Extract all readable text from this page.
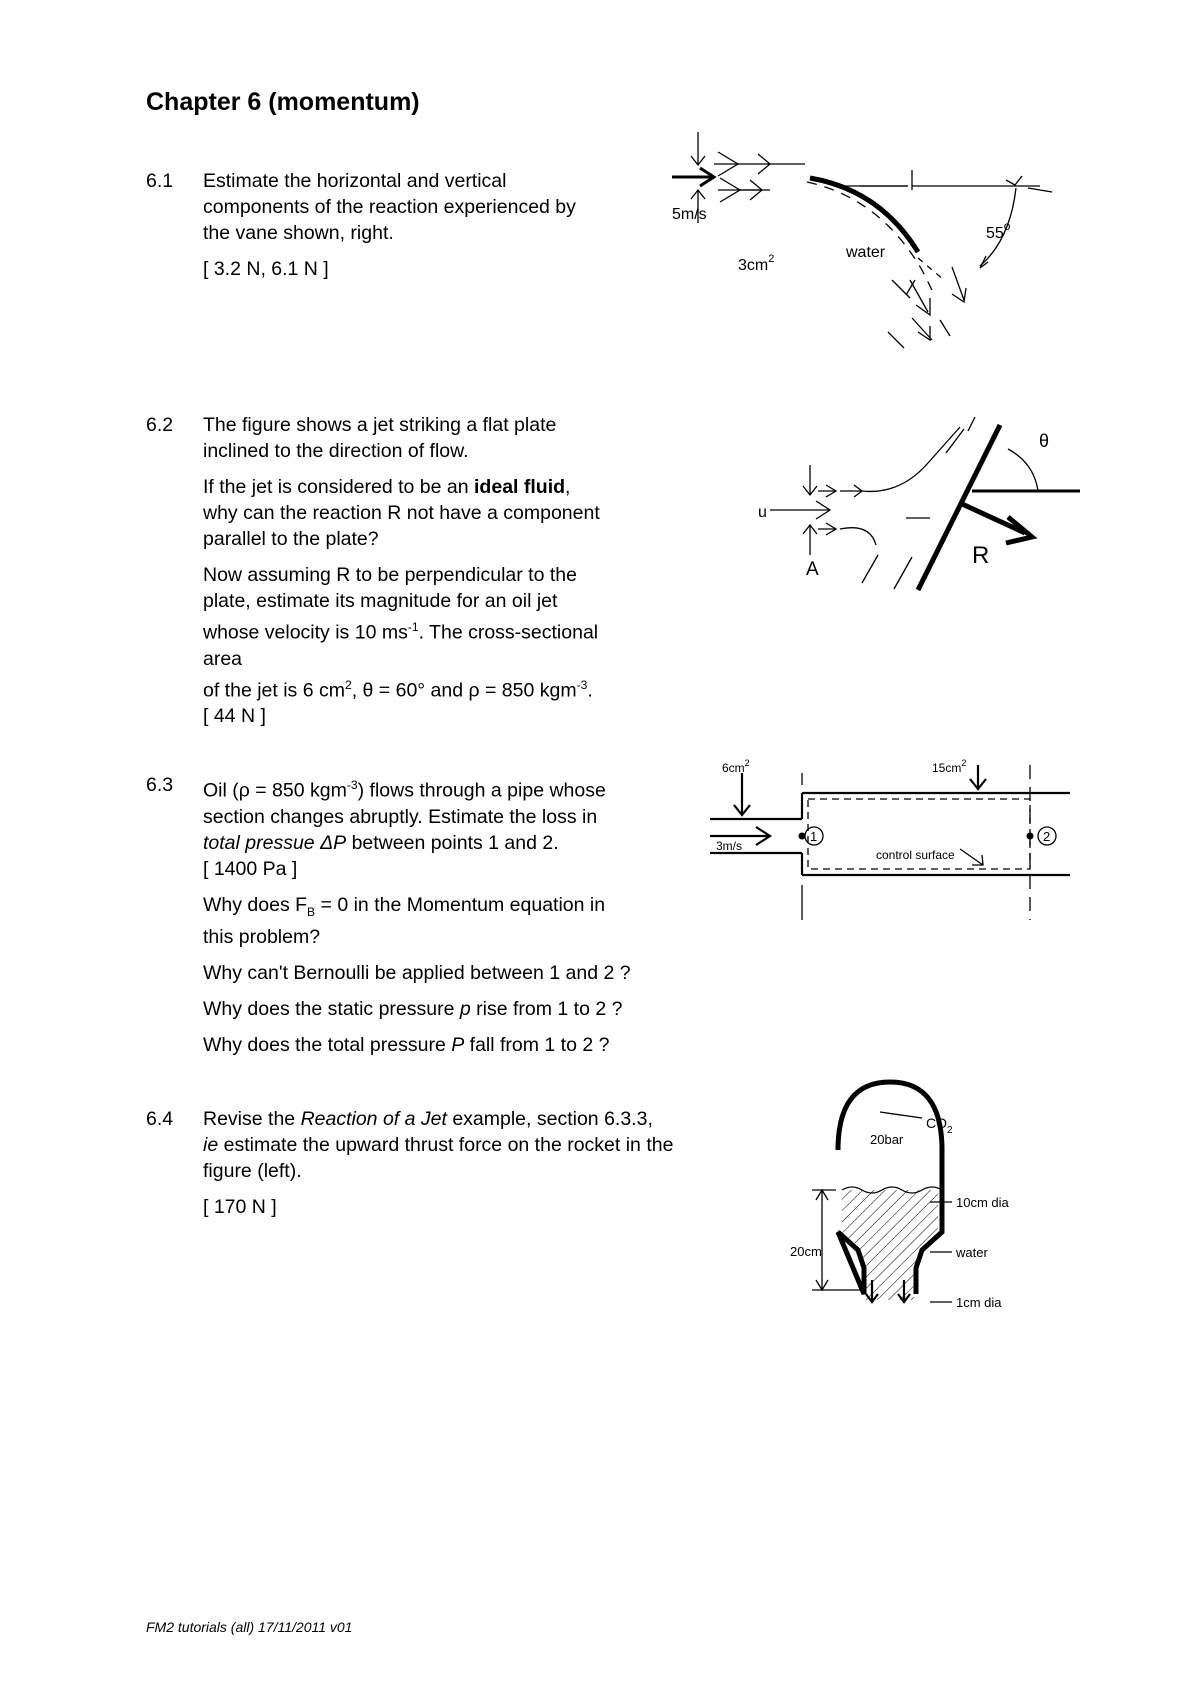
Chapter 6 (momentum)
6.1 Estimate the horizontal and vertical
components of the reaction experienced by
the vane shown, right.
[ 3.2 N, 6.1 N ]
5m/s
$3cm^2$	water
55$^o$
6.2 The figure shows a jet striking a flat plate
inclined to the direction of flow.
If the jet is considered to be an ideal fluid,
why can the reaction R not have a component
parallel to the plate?
Now assuming R to be perpendicular to the
plate, estimate its magnitude for an oil jet
whose velocity is 10 $ms^{-1}$. The cross-sectional
area
of the jet is 6 $cm^2$, θ = 60° and ρ = 850 kgm$^{-3}$.
[ 44 N ]
θ
u
A
R
6.3 Oil (ρ = 850 kgm$^{-3}$) flows through a pipe whose
section changes abruptly. Estimate the loss in
total pressue ΔP between points 1 and 2.
[ 1400 Pa ]
Why does $F_B = 0$ in the Momentum equation in
this problem?
Why can't Bernoulli be applied between 1 and 2 ?
Why does the static pressure p rise from 1 to 2 ?
Why does the total pressure P fall from 1 to 2 ?
$6cm^2$	$15cm^2$
3m/s
1	2
control surface
6.4 Revise the Reaction of a Jet example, section 6.3.3,
ie estimate the upward thrust force on the rocket in the
figure (left).
[ 170 N ]
$CO_2$
20bar
10cm dia
20cm	water
1cm dia
FM2 tutorials (all) 17/11/2011 v01
